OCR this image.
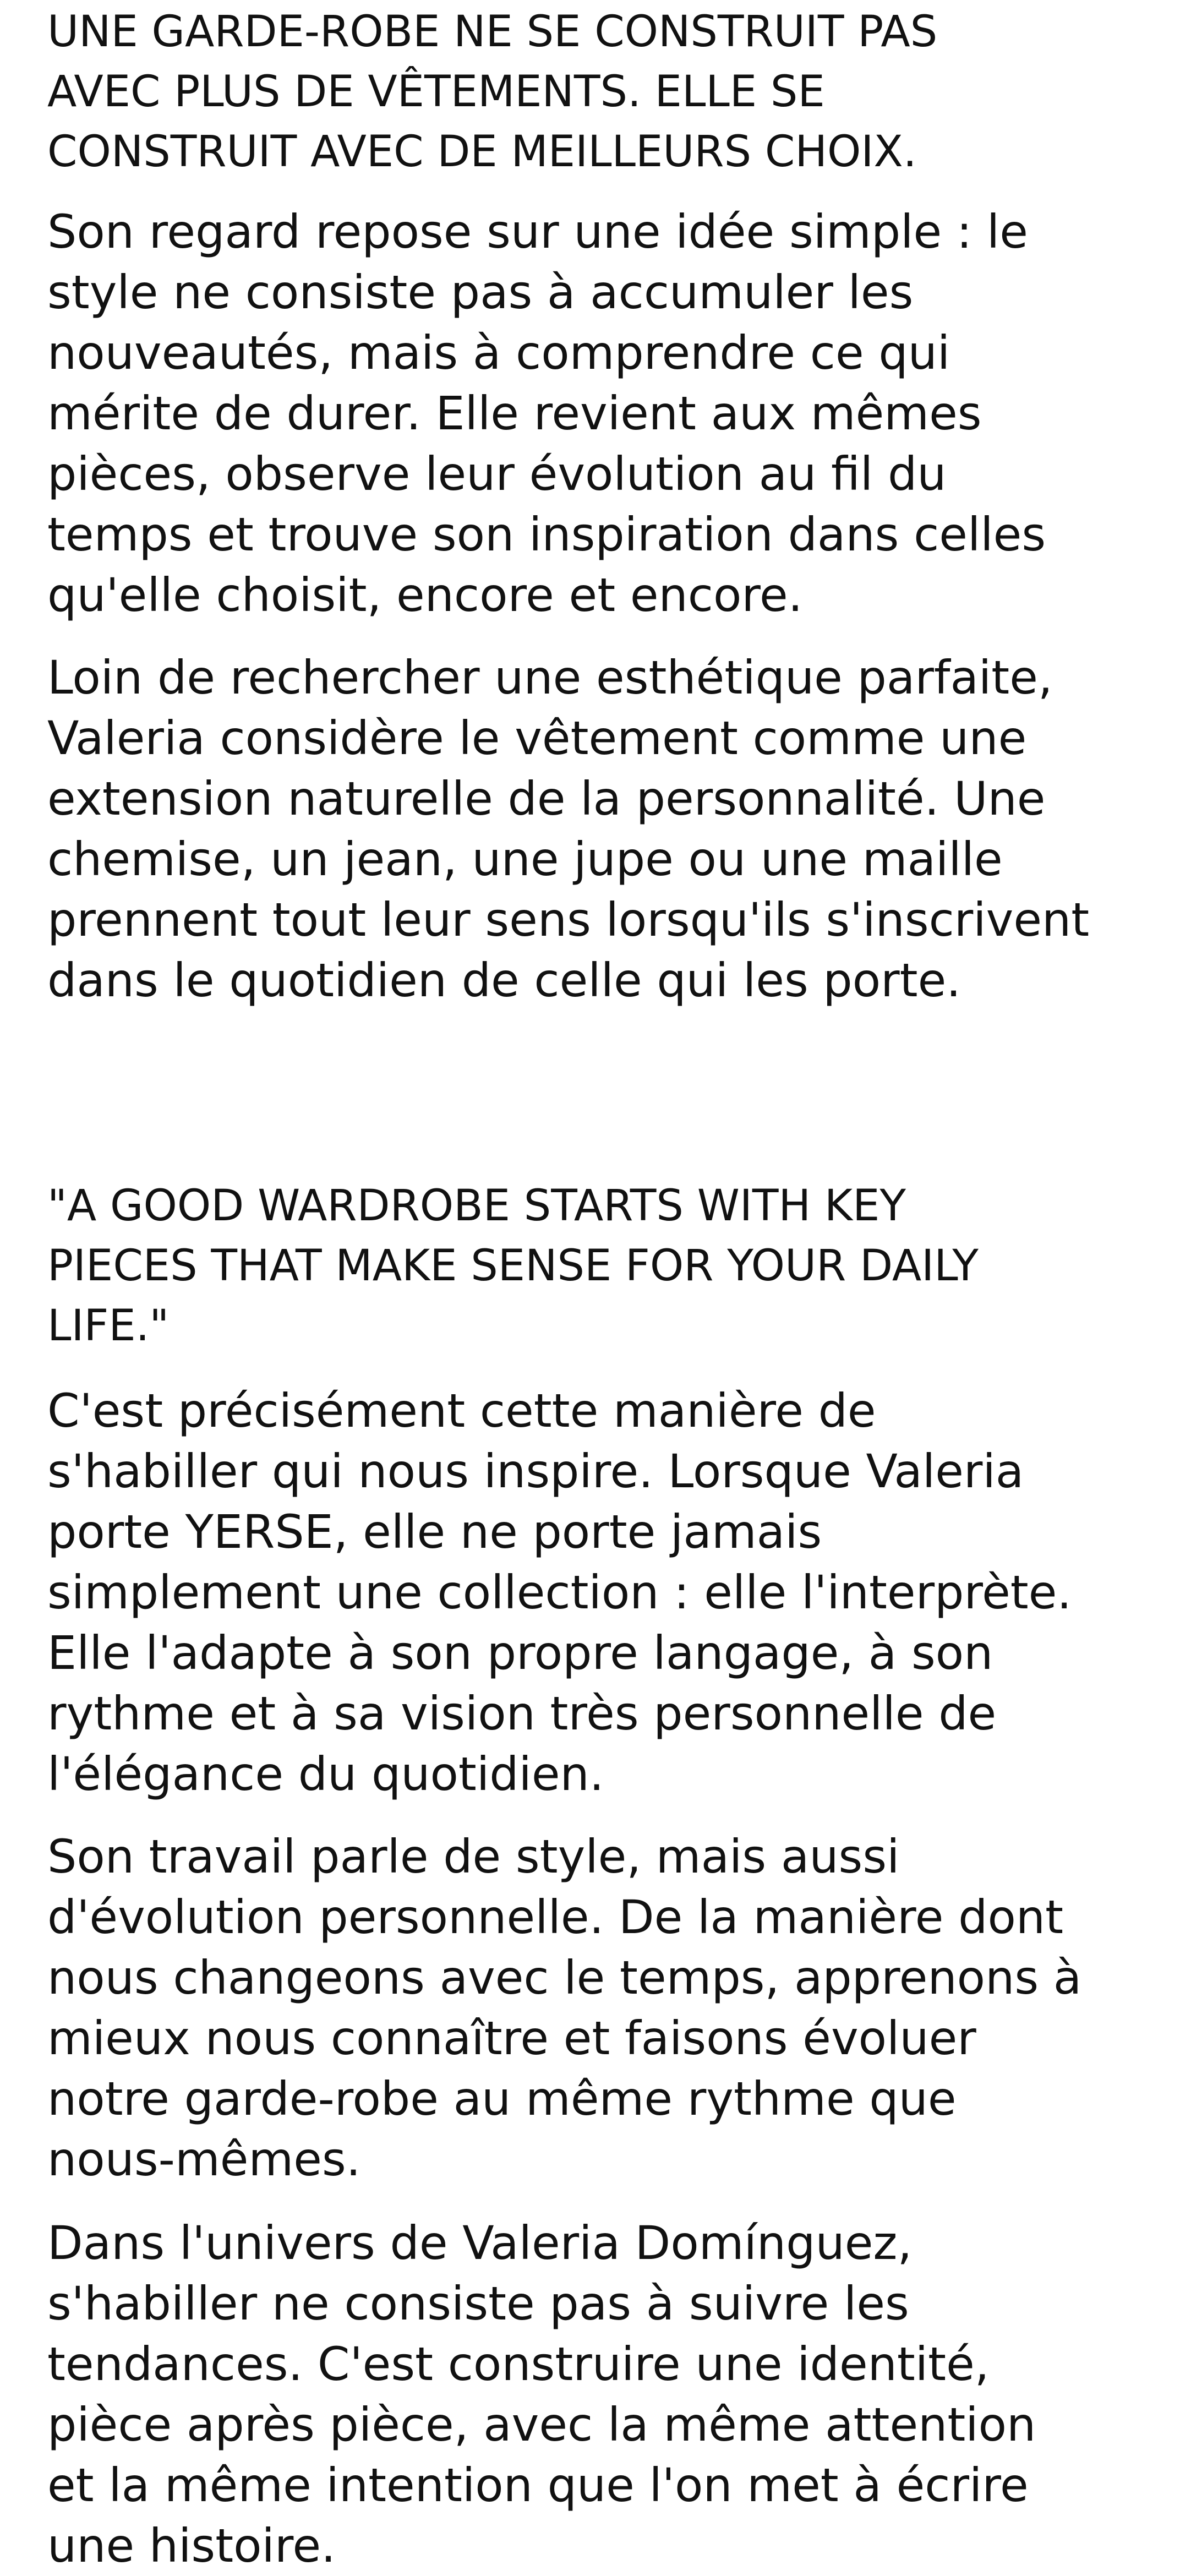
UNE GARDE-ROBE NE SE CONSTRUIT PAS
AVEC PLUS DE VÊTEMENTS. ELLE SE
CONSTRUIT AVEC DE MEILLEURS CHOIX.
Son regard repose sur une idée simple : le
style ne consiste pas à accumuler les
nouveautés, mais à comprendre ce qui
mérite de durer. Elle revient aux mêmes
pièces, observe leur évolution au fil du
temps et trouve son inspiration dans celles
qu'elle choisit, encore et encore.
Loin de rechercher une esthétique parfaite,
Valeria considère le vêtement comme une
extension naturelle de la personnalité. Une
chemise, un jean, une jupe ou une maille
prennent tout leur sens lorsqu'ils s'inscrivent
dans le quotidien de celle qui les porte.
"A GOOD WARDROBE STARTS WITH KEY
PIECES THAT MAKE SENSE FOR YOUR DAILY
LIFE."
C'est précisément cette manière de
s'habiller qui nous inspire. Lorsque Valeria
porte YERSE, elle ne porte jamais
simplement une collection : elle l'interprète.
Elle l'adapte à son propre langage, à son
rythme et à sa vision très personnelle de
l'élégance du quotidien.
Son travail parle de style, mais aussi
d'évolution personnelle. De la manière dont
nous changeons avec le temps, apprenons à
mieux nous connaître et faisons évoluer
notre garde-robe au même rythme que
nous-mêmes.
Dans l'univers de Valeria Domínguez,
s'habiller ne consiste pas à suivre les
tendances. C'est construire une identité,
pièce après pièce, avec la même attention
et la même intention que l'on met à écrire
une histoire.
